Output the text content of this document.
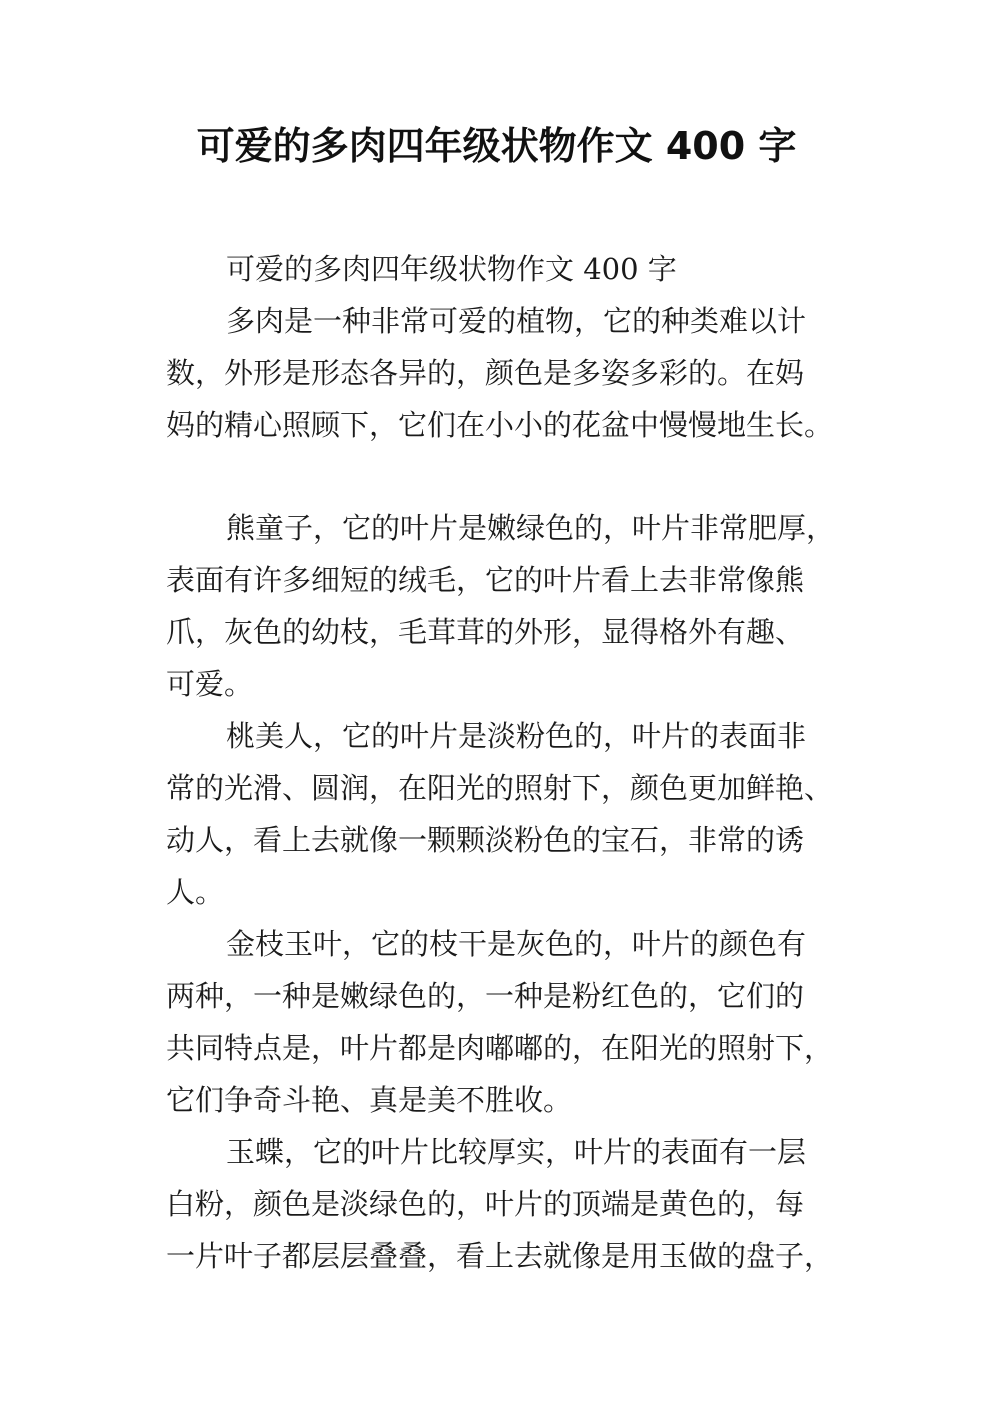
可爱的多肉四年级状物作文 400 字
可爱的多肉四年级状物作文 400 字
多肉是一种非常可爱的植物，它的种类难以计
数，外形是形态各异的，颜色是多姿多彩的。在妈
妈的精心照顾下，它们在小小的花盆中慢慢地生长。
熊童子，它的叶片是嫩绿色的，叶片非常肥厚，
表面有许多细短的绒毛，它的叶片看上去非常像熊
爪，灰色的幼枝，毛茸茸的外形，显得格外有趣、
可爱。
桃美人，它的叶片是淡粉色的，叶片的表面非
常的光滑、圆润，在阳光的照射下，颜色更加鲜艳、
动人，看上去就像一颗颗淡粉色的宝石，非常的诱
人。
金枝玉叶，它的枝干是灰色的，叶片的颜色有
两种，一种是嫩绿色的，一种是粉红色的，它们的
共同特点是，叶片都是肉嘟嘟的，在阳光的照射下，
它们争奇斗艳、真是美不胜收。
玉蝶，它的叶片比较厚实，叶片的表面有一层
白粉，颜色是淡绿色的，叶片的顶端是黄色的，每
一片叶子都层层叠叠，看上去就像是用玉做的盘子，
